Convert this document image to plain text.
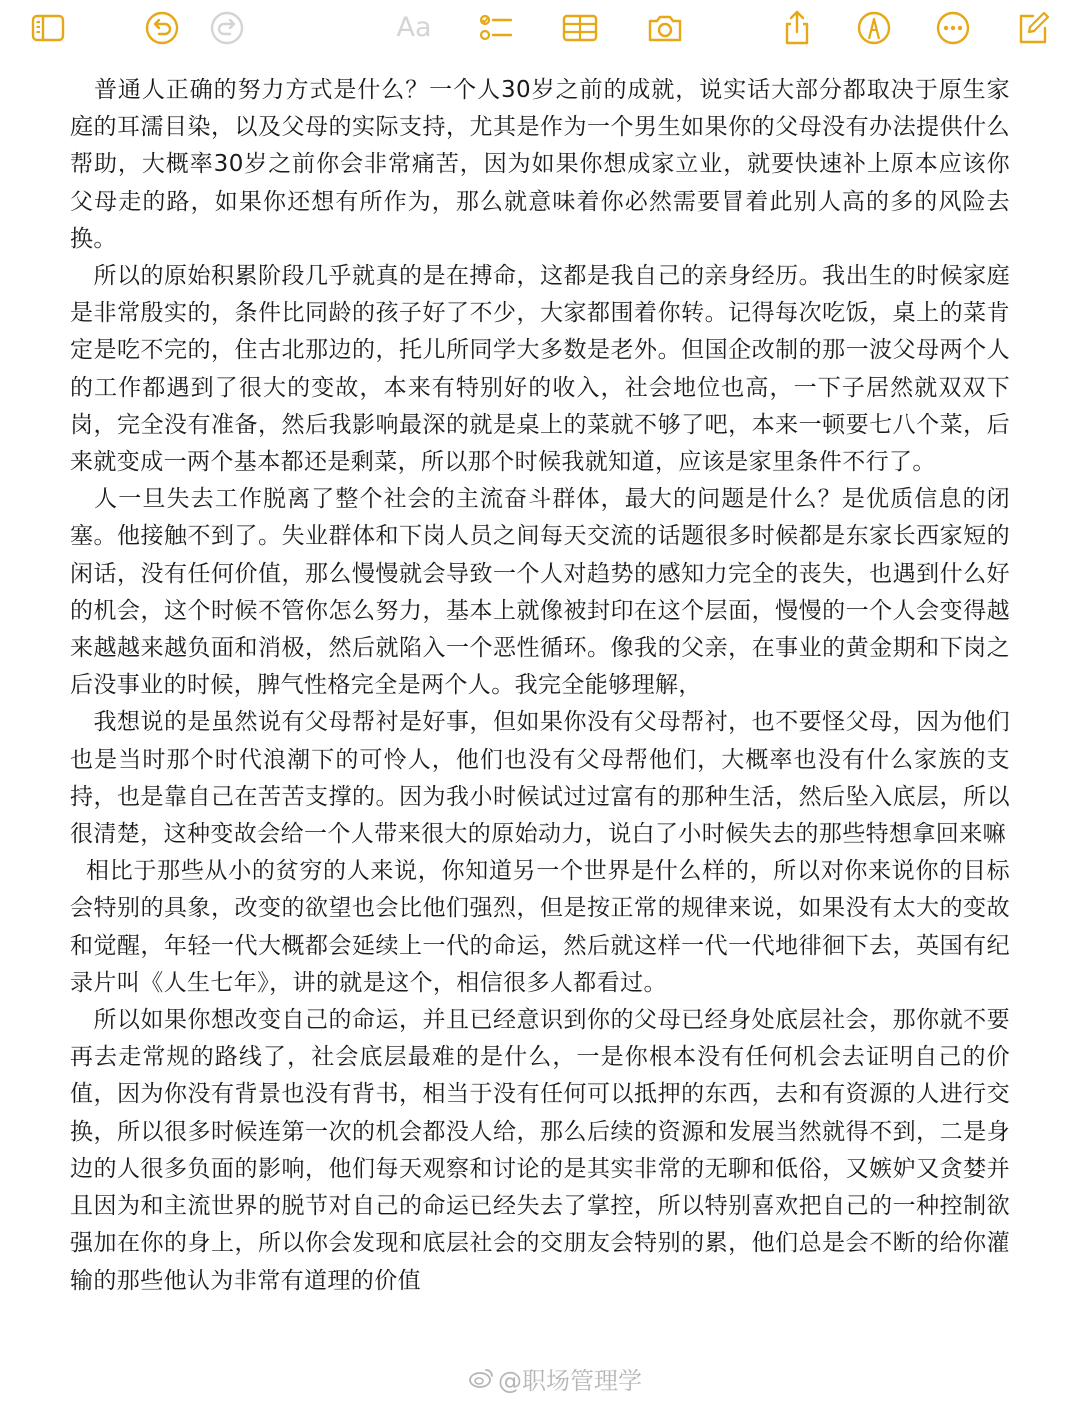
Aa

　普通人正确的努力方式是什么？一个人30岁之前的成就，说实话大部分都取决于原生家庭的耳濡目染，以及父母的实际支持，尤其是作为一个男生如果你的父母没有办法提供什么帮助，大概率30岁之前你会非常痛苦，因为如果你想成家立业，就要快速补上原本应该你父母走的路，如果你还想有所作为，那么就意味着你必然需要冒着此别人高的多的风险去换。

　所以的原始积累阶段几乎就真的是在搏命，这都是我自己的亲身经历。我出生的时候家庭是非常殷实的，条件比同龄的孩子好了不少，大家都围着你转。记得每次吃饭，桌上的菜肯定是吃不完的，住古北那边的，托儿所同学大多数是老外。但国企改制的那一波父母两个人的工作都遇到了很大的变故，本来有特别好的收入，社会地位也高，一下子居然就双双下岗，完全没有准备，然后我影响最深的就是桌上的菜就不够了吧，本来一顿要七八个菜，后来就变成一两个基本都还是剩菜，所以那个时候我就知道，应该是家里条件不行了。

　人一旦失去工作脱离了整个社会的主流奋斗群体，最大的问题是什么？是优质信息的闭塞。他接触不到了。失业群体和下岗人员之间每天交流的话题很多时候都是东家长西家短的闲话，没有任何价值，那么慢慢就会导致一个人对趋势的感知力完全的丧失，也遇到什么好的机会，这个时候不管你怎么努力，基本上就像被封印在这个层面，慢慢的一个人会变得越来越越来越负面和消极，然后就陷入一个恶性循环。像我的父亲，在事业的黄金期和下岗之后没事业的时候，脾气性格完全是两个人。我完全能够理解，

　我想说的是虽然说有父母帮衬是好事，但如果你没有父母帮衬，也不要怪父母，因为他们也是当时那个时代浪潮下的可怜人，他们也没有父母帮他们，大概率也没有什么家族的支持，也是靠自己在苦苦支撑的。因为我小时候试过过富有的那种生活，然后坠入底层，所以很清楚，这种变故会给一个人带来很大的原始动力，说白了小时候失去的那些特想拿回来嘛

相比于那些从小的贫穷的人来说，你知道另一个世界是什么样的，所以对你来说你的目标会特别的具象，改变的欲望也会比他们强烈，但是按正常的规律来说，如果没有太大的变故和觉醒，年轻一代大概都会延续上一代的命运，然后就这样一代一代地徘徊下去，英国有纪录片叫《人生七年》，讲的就是这个，相信很多人都看过。

　所以如果你想改变自己的命运，并且已经意识到你的父母已经身处底层社会，那你就不要再去走常规的路线了，社会底层最难的是什么，一是你根本没有任何机会去证明自己的价值，因为你没有背景也没有背书，相当于没有任何可以抵押的东西，去和有资源的人进行交换，所以很多时候连第一次的机会都没人给，那么后续的资源和发展当然就得不到，二是身边的人很多负面的影响，他们每天观察和讨论的是其实非常的无聊和低俗，又嫉妒又贪婪并且因为和主流世界的脱节对自己的命运已经失去了掌控，所以特别喜欢把自己的一种控制欲强加在你的身上，所以你会发现和底层社会的交朋友会特别的累，他们总是会不断的给你灌输的那些他认为非常有道理的价值

@职场管理学
